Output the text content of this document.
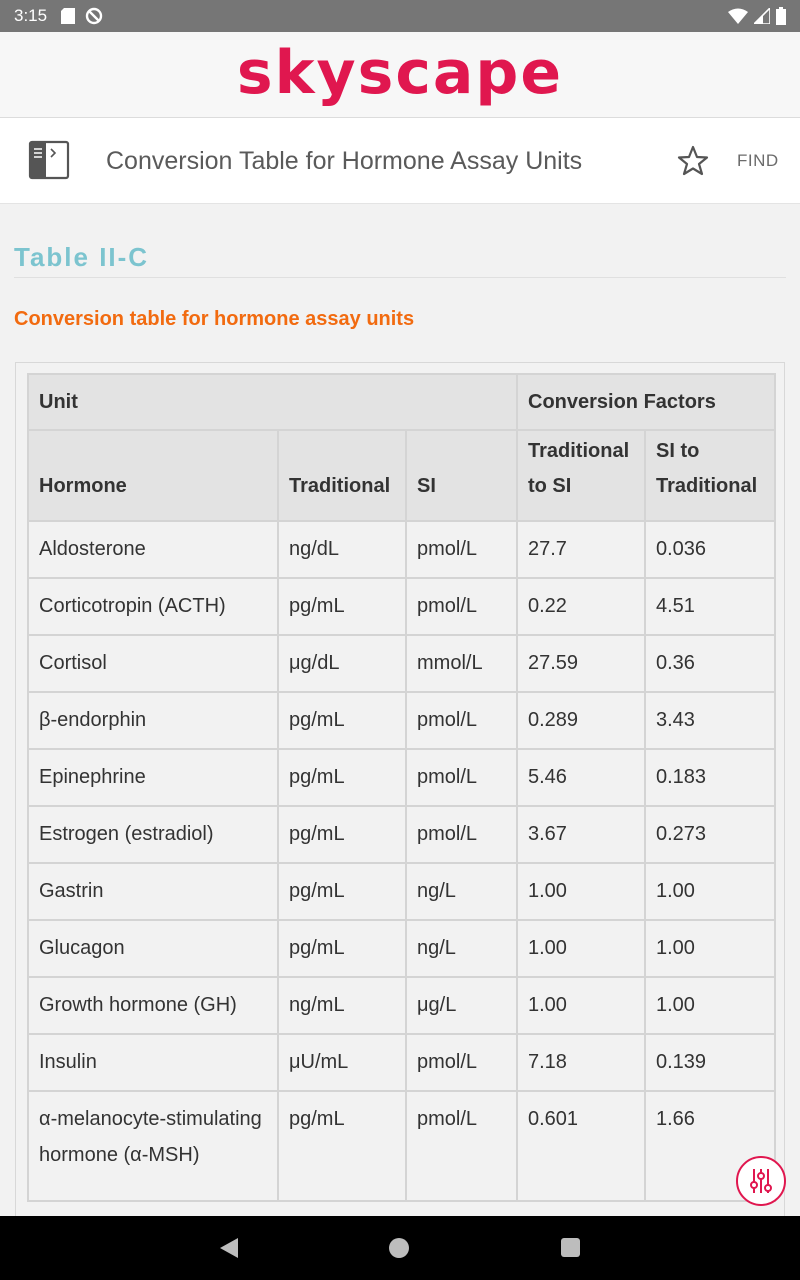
3:15
skyscape
Conversion Table for Hormone Assay Units	FIND
Table II-C
Conversion table for hormone assay units
Unit			Conversion Factors	
Hormone	Traditional	SI	Traditional to SI	SI to Traditional
Aldosterone	ng/dL	pmol/L	27.7	0.036
Corticotropin (ACTH)	pg/mL	pmol/L	0.22	4.51
Cortisol	μg/dL	mmol/L	27.59	0.36
β-endorphin	pg/mL	pmol/L	0.289	3.43
Epinephrine	pg/mL	pmol/L	5.46	0.183
Estrogen (estradiol)	pg/mL	pmol/L	3.67	0.273
Gastrin	pg/mL	ng/L	1.00	1.00
Glucagon	pg/mL	ng/L	1.00	1.00
Growth hormone (GH)	ng/mL	μg/L	1.00	1.00
Insulin	μU/mL	pmol/L	7.18	0.139
α-melanocyte-stimulating hormone (α-MSH)	pg/mL	pmol/L	0.601	1.66
